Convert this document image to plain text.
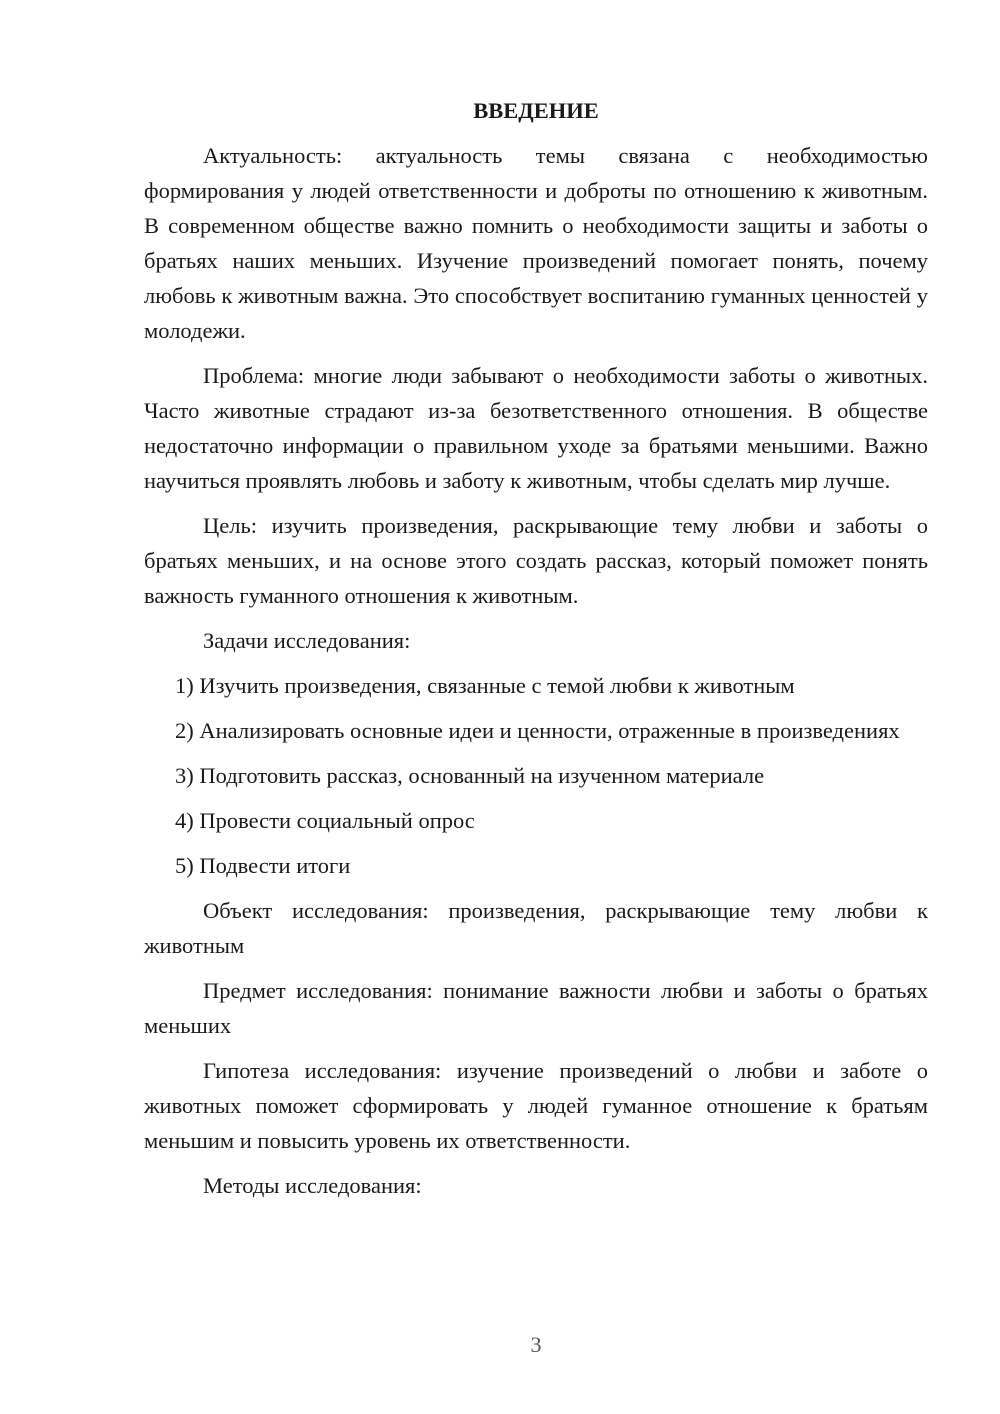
ВВЕДЕНИЕ

Актуальность: актуальность темы связана с необходимостью формирования у людей ответственности и доброты по отношению к животным. В современном обществе важно помнить о необходимости защиты и заботы о братьях наших меньших. Изучение произведений помогает понять, почему любовь к животным важна. Это способствует воспитанию гуманных ценностей у молодежи.

Проблема: многие люди забывают о необходимости заботы о животных. Часто животные страдают из-за безответственного отношения. В обществе недостаточно информации о правильном уходе за братьями меньшими. Важно научиться проявлять любовь и заботу к животным, чтобы сделать мир лучше.

Цель: изучить произведения, раскрывающие тему любви и заботы о братьях меньших, и на основе этого создать рассказ, который поможет понять важность гуманного отношения к животным.

Задачи исследования:

1) Изучить произведения, связанные с темой любви к животным

2) Анализировать основные идеи и ценности, отраженные в произведениях

3) Подготовить рассказ, основанный на изученном материале

4) Провести социальный опрос

5) Подвести итоги

Объект исследования: произведения, раскрывающие тему любви к животным

Предмет исследования: понимание важности любви и заботы о братьях меньших

Гипотеза исследования: изучение произведений о любви и заботе о животных поможет сформировать у людей гуманное отношение к братьям меньшим и повысить уровень их ответственности.

Методы исследования:

3
